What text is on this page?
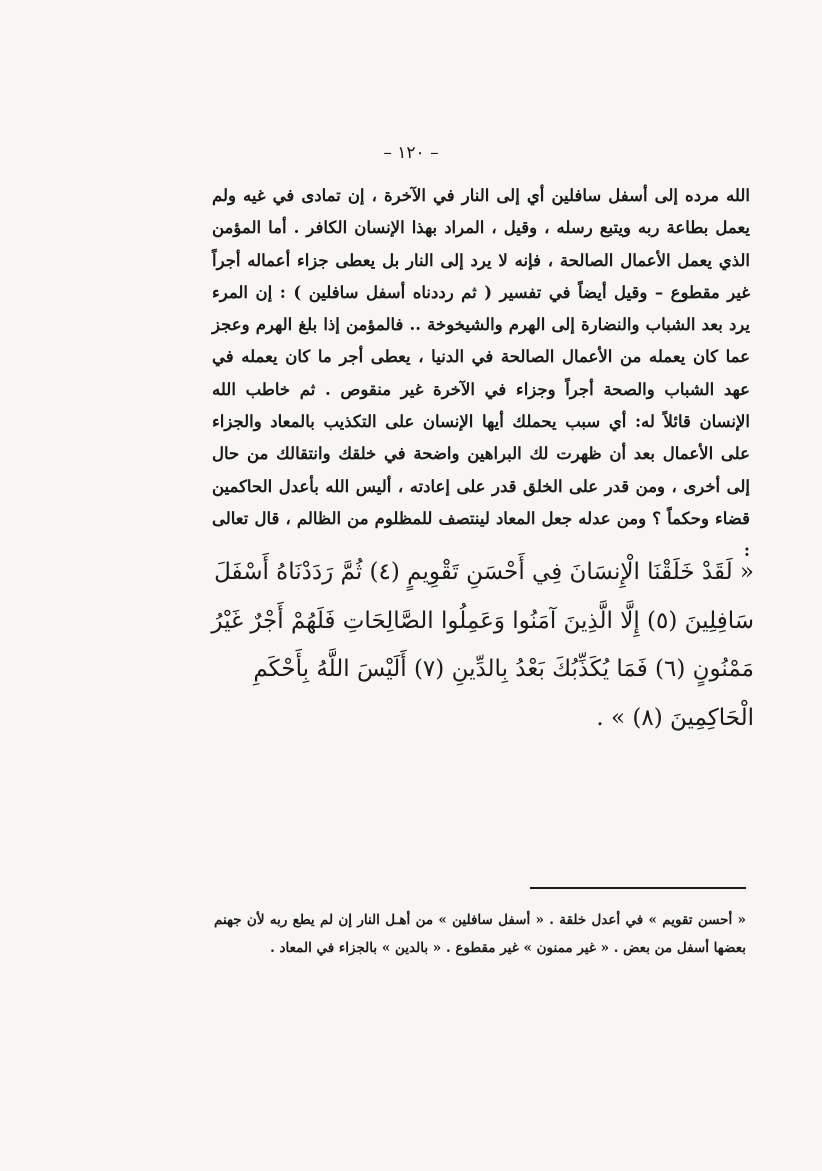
– ١٢٠ –

الله مرده إلى أسفل سافلين أي إلى النار في الآخرة ، إن تمادى في غيه ولم يعمل بطاعة ربه ويتبع رسله ، وقيل ، المراد بهذا الإنسان الكافر . أما المؤمن الذي يعمل الأعمال الصالحة ، فإنه لا يرد إلى النار بل يعطى جزاء أعماله أجراً غير مقطوع – وقيل أيضاً في تفسير ( ثم رددناه أسفل سافلين ) : إن المرء يرد بعد الشباب والنضارة إلى الهرم والشيخوخة .. فالمؤمن إذا بلغ الهرم وعجز عما كان يعمله من الأعمال الصالحة في الدنيا ، يعطى أجر ما كان يعمله في عهد الشباب والصحة أجراً وجزاء في الآخرة غير منقوص . ثم خاطب الله الإنسان قائلاً له: أي سبب يحملك أيها الإنسان على التكذيب بالمعاد والجزاء على الأعمال بعد أن ظهرت لك البراهين واضحة في خلقك وانتقالك من حال إلى أخرى ، ومن قدر على الخلق قدر على إعادته ، أليس الله بأعدل الحاكمين قضاء وحكماً ؟ ومن عدله جعل المعاد لينتصف للمظلوم من الظالم ، قال تعالى :

« لَقَدْ خَلَقْنَا الْإِنسَانَ فِي أَحْسَنِ تَقْوِيمٍ (٤) ثُمَّ رَدَدْنَاهُ أَسْفَلَ سَافِلِينَ (٥) إِلَّا الَّذِينَ آمَنُوا وَعَمِلُوا الصَّالِحَاتِ فَلَهُمْ أَجْرٌ غَيْرُ مَمْنُونٍ (٦) فَمَا يُكَذِّبُكَ بَعْدُ بِالدِّينِ (٧) أَلَيْسَ اللَّهُ بِأَحْكَمِ الْحَاكِمِينَ (٨) » .

« أحسن تقويم » في أعدل خلقة . « أسفل سافلين » من أهـل النار إن لم يطع ربه لأن جهنم بعضها أسفل من بعض . « غير ممنون » غير مقطوع . « بالدين » بالجزاء في المعاد .
